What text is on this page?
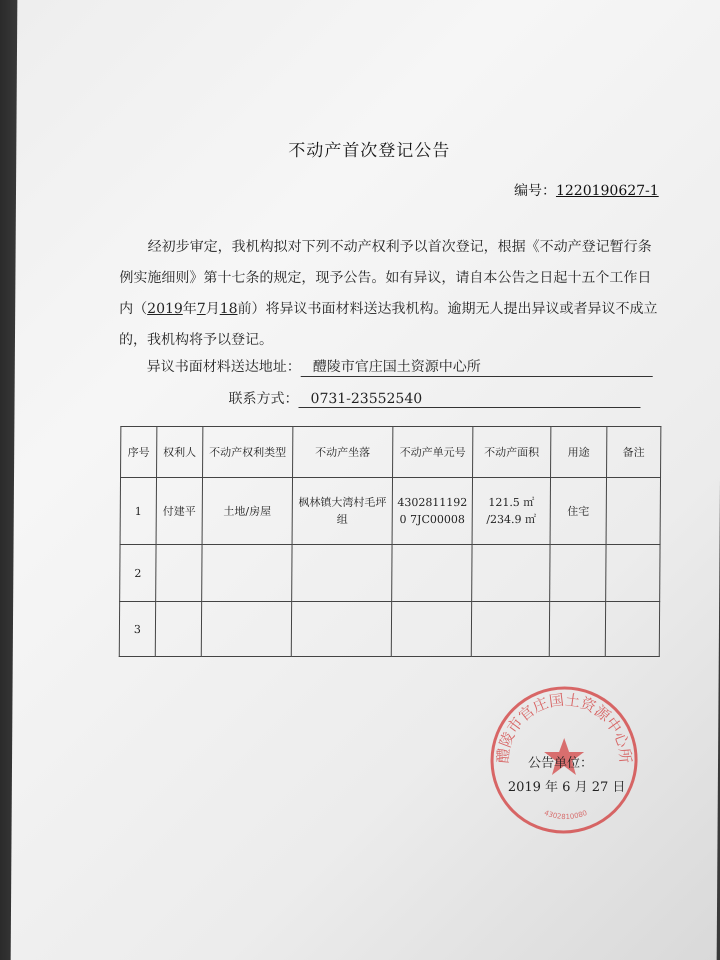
不动产首次登记公告
编号：1220190627-1
经初步审定，我机构拟对下列不动产权利予以首次登记，根据《不动产登记暂行条例实施细则》第十七条的规定，现予公告。如有异议，请自本公告之日起十五个工作日内（2019年7月18前）将异议书面材料送达我机构。逾期无人提出异议或者异议不成立的，我机构将予以登记。
异议书面材料送达地址： 醴陵市官庄国土资源中心所
联系方式： 0731-23552540
序号	权利人	不动产权利类型	不动产坐落	不动产单元号	不动产面积	用途	备注
1	付建平	土地/房屋	枫林镇大湾村毛坪组	43028111920 7JC00008	121.5 ㎡
/234.9 ㎡	住宅	
2							
3							
醴陵市官庄国土资源中心所
4302810080
公告单位：
2019 年 6 月 27 日
